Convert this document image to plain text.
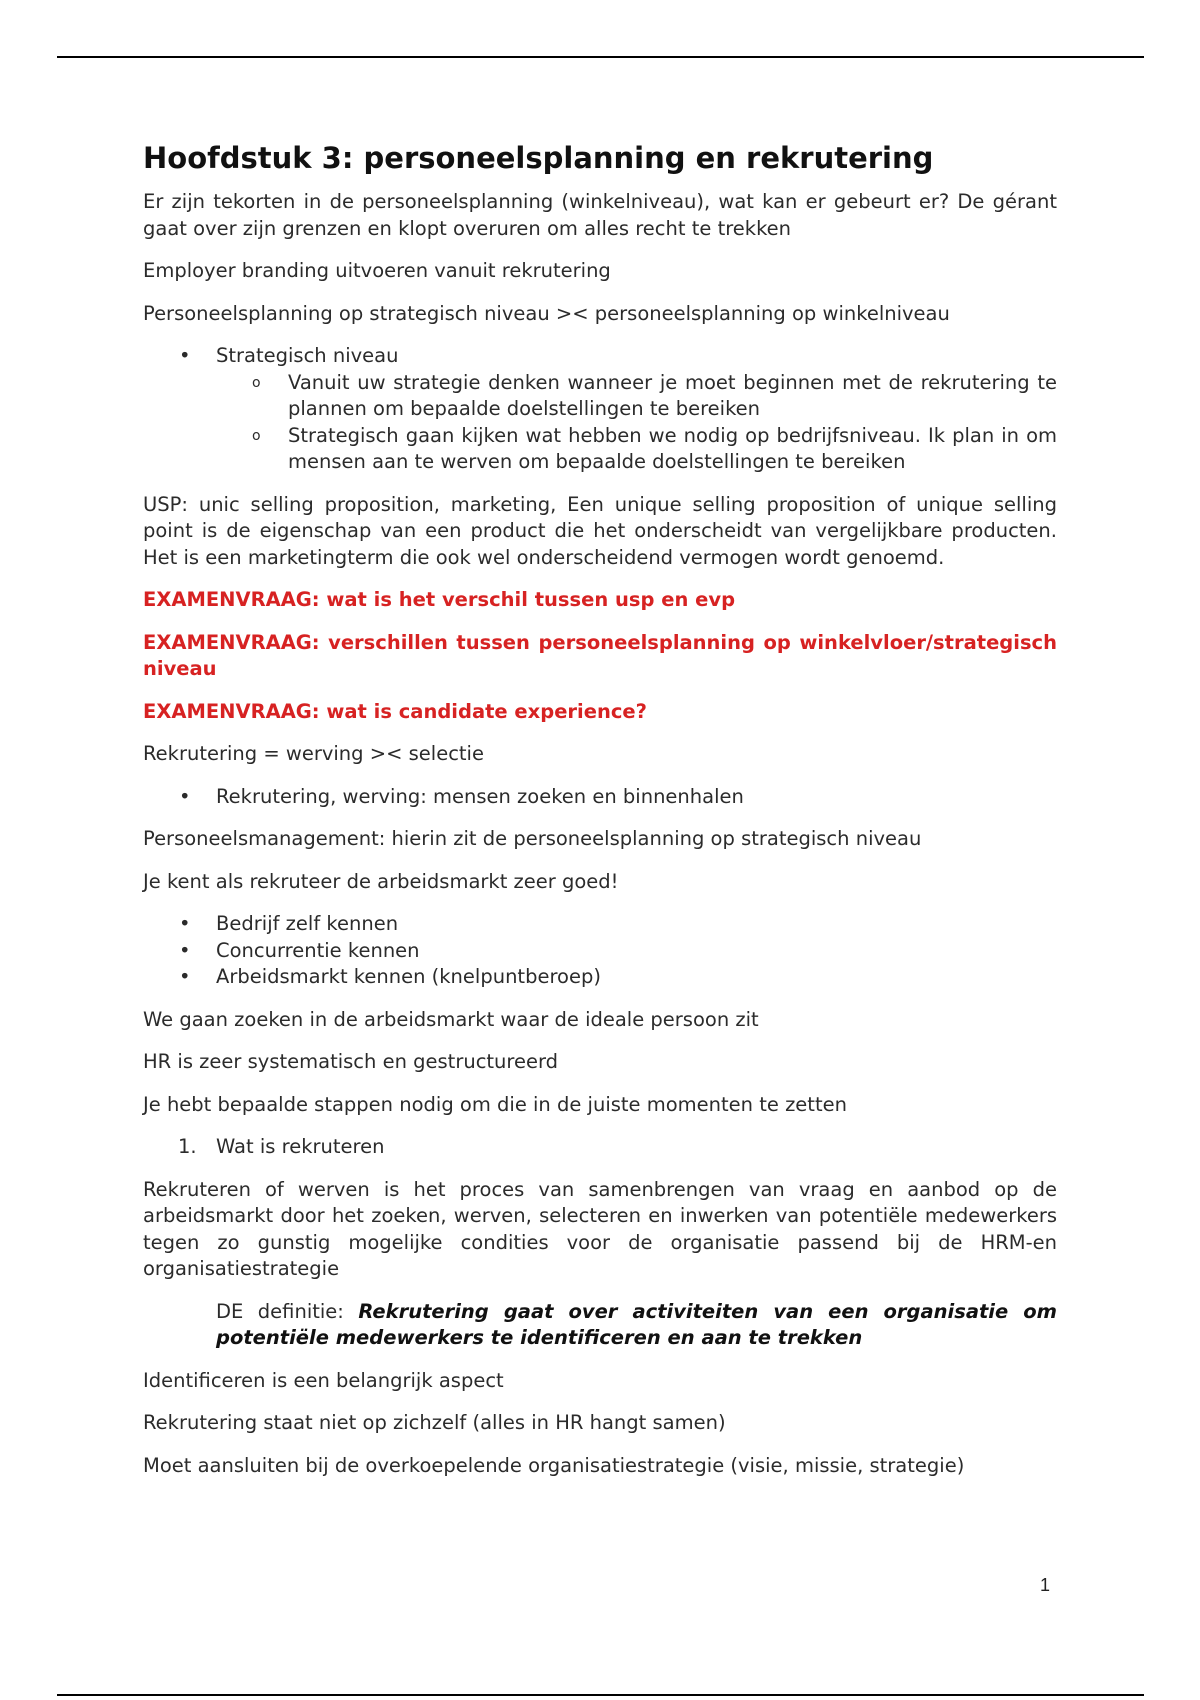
Hoofdstuk 3: personeelsplanning en rekrutering

Er zijn tekorten in de personeelsplanning (winkelniveau), wat kan er gebeurt er? De gérant gaat over zijn grenzen en klopt overuren om alles recht te trekken

Employer branding uitvoeren vanuit rekrutering

Personeelsplanning op strategisch niveau >< personeelsplanning op winkelniveau

• Strategisch niveau
o Vanuit uw strategie denken wanneer je moet beginnen met de rekrutering te plannen om bepaalde doelstellingen te bereiken
o Strategisch gaan kijken wat hebben we nodig op bedrijfsniveau. Ik plan in om mensen aan te werven om bepaalde doelstellingen te bereiken

USP: unic selling proposition, marketing, Een unique selling proposition of unique selling point is de eigenschap van een product die het onderscheidt van vergelijkbare producten. Het is een marketingterm die ook wel onderscheidend vermogen wordt genoemd.

EXAMENVRAAG: wat is het verschil tussen usp en evp

EXAMENVRAAG: verschillen tussen personeelsplanning op winkelvloer/strategisch niveau

EXAMENVRAAG: wat is candidate experience?

Rekrutering = werving >< selectie

• Rekrutering, werving: mensen zoeken en binnenhalen

Personeelsmanagement: hierin zit de personeelsplanning op strategisch niveau

Je kent als rekruteer de arbeidsmarkt zeer goed!

• Bedrijf zelf kennen
• Concurrentie kennen
• Arbeidsmarkt kennen (knelpuntberoep)

We gaan zoeken in de arbeidsmarkt waar de ideale persoon zit

HR is zeer systematisch en gestructureerd

Je hebt bepaalde stappen nodig om die in de juiste momenten te zetten

1. Wat is rekruteren

Rekruteren of werven is het proces van samenbrengen van vraag en aanbod op de arbeidsmarkt door het zoeken, werven, selecteren en inwerken van potentiële medewerkers tegen zo gunstig mogelijke condities voor de organisatie passend bij de HRM-en organisatiestrategie

DE definitie: Rekrutering gaat over activiteiten van een organisatie om potentiële medewerkers te identificeren en aan te trekken

Identificeren is een belangrijk aspect

Rekrutering staat niet op zichzelf (alles in HR hangt samen)

Moet aansluiten bij de overkoepelende organisatiestrategie (visie, missie, strategie)

1
